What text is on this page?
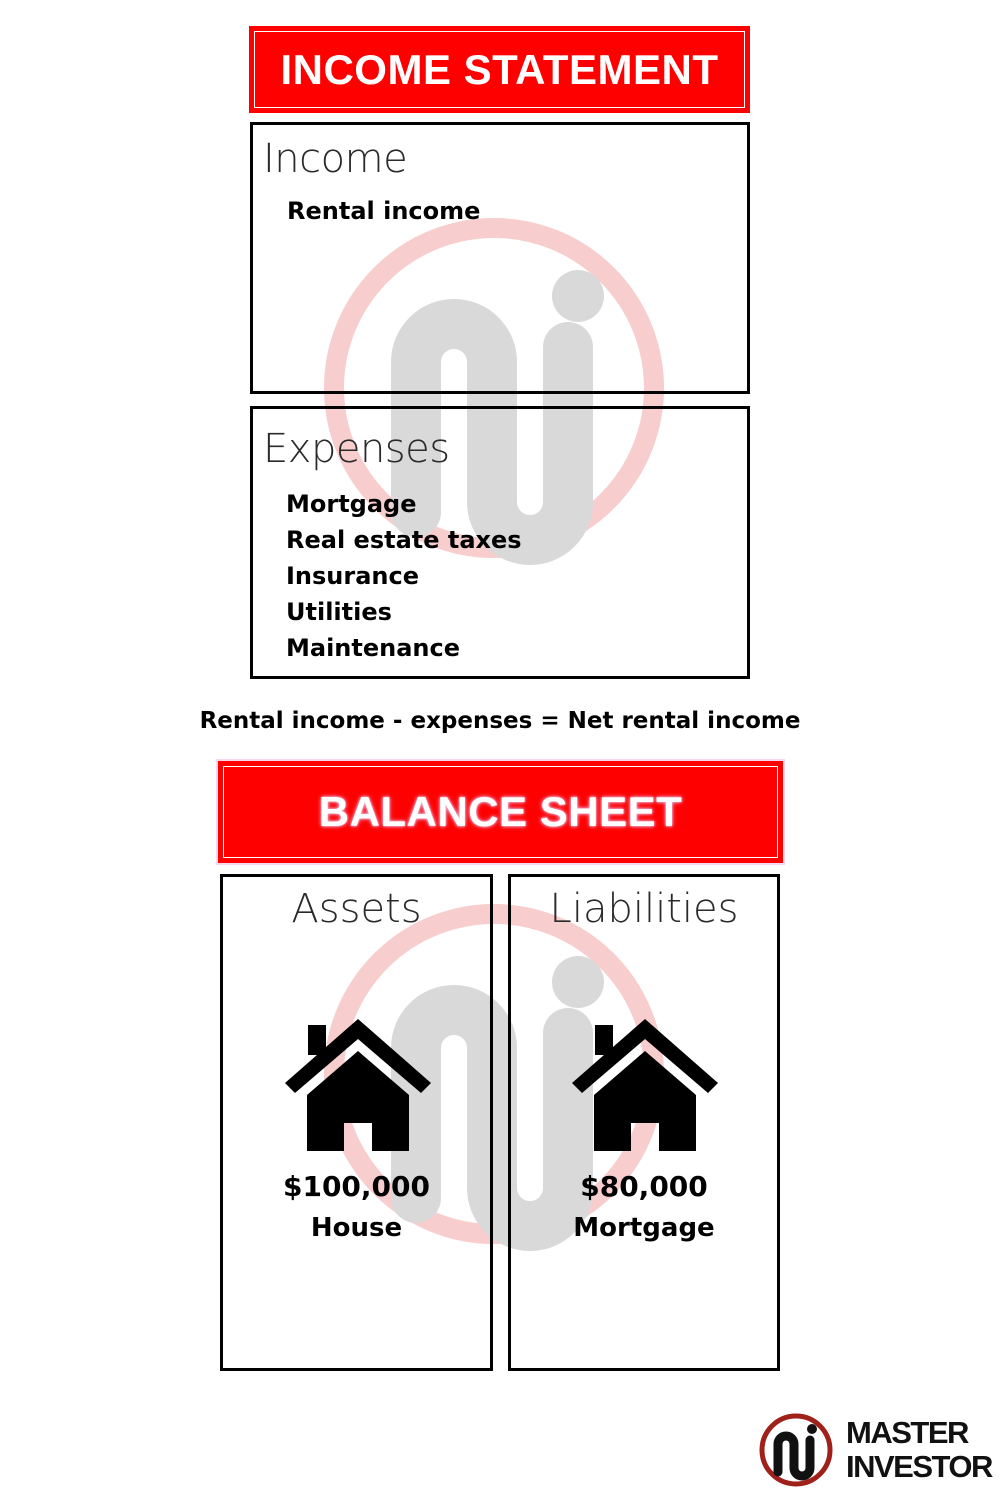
INCOME STATEMENT
Income
Rental income
Expenses
Mortgage
Real estate taxes
Insurance
Utilities
Maintenance
Rental income - expenses = Net rental income
BALANCE SHEET
Assets
$100,000
House
Liabilities
$80,000
Mortgage
MASTER
INVESTOR
